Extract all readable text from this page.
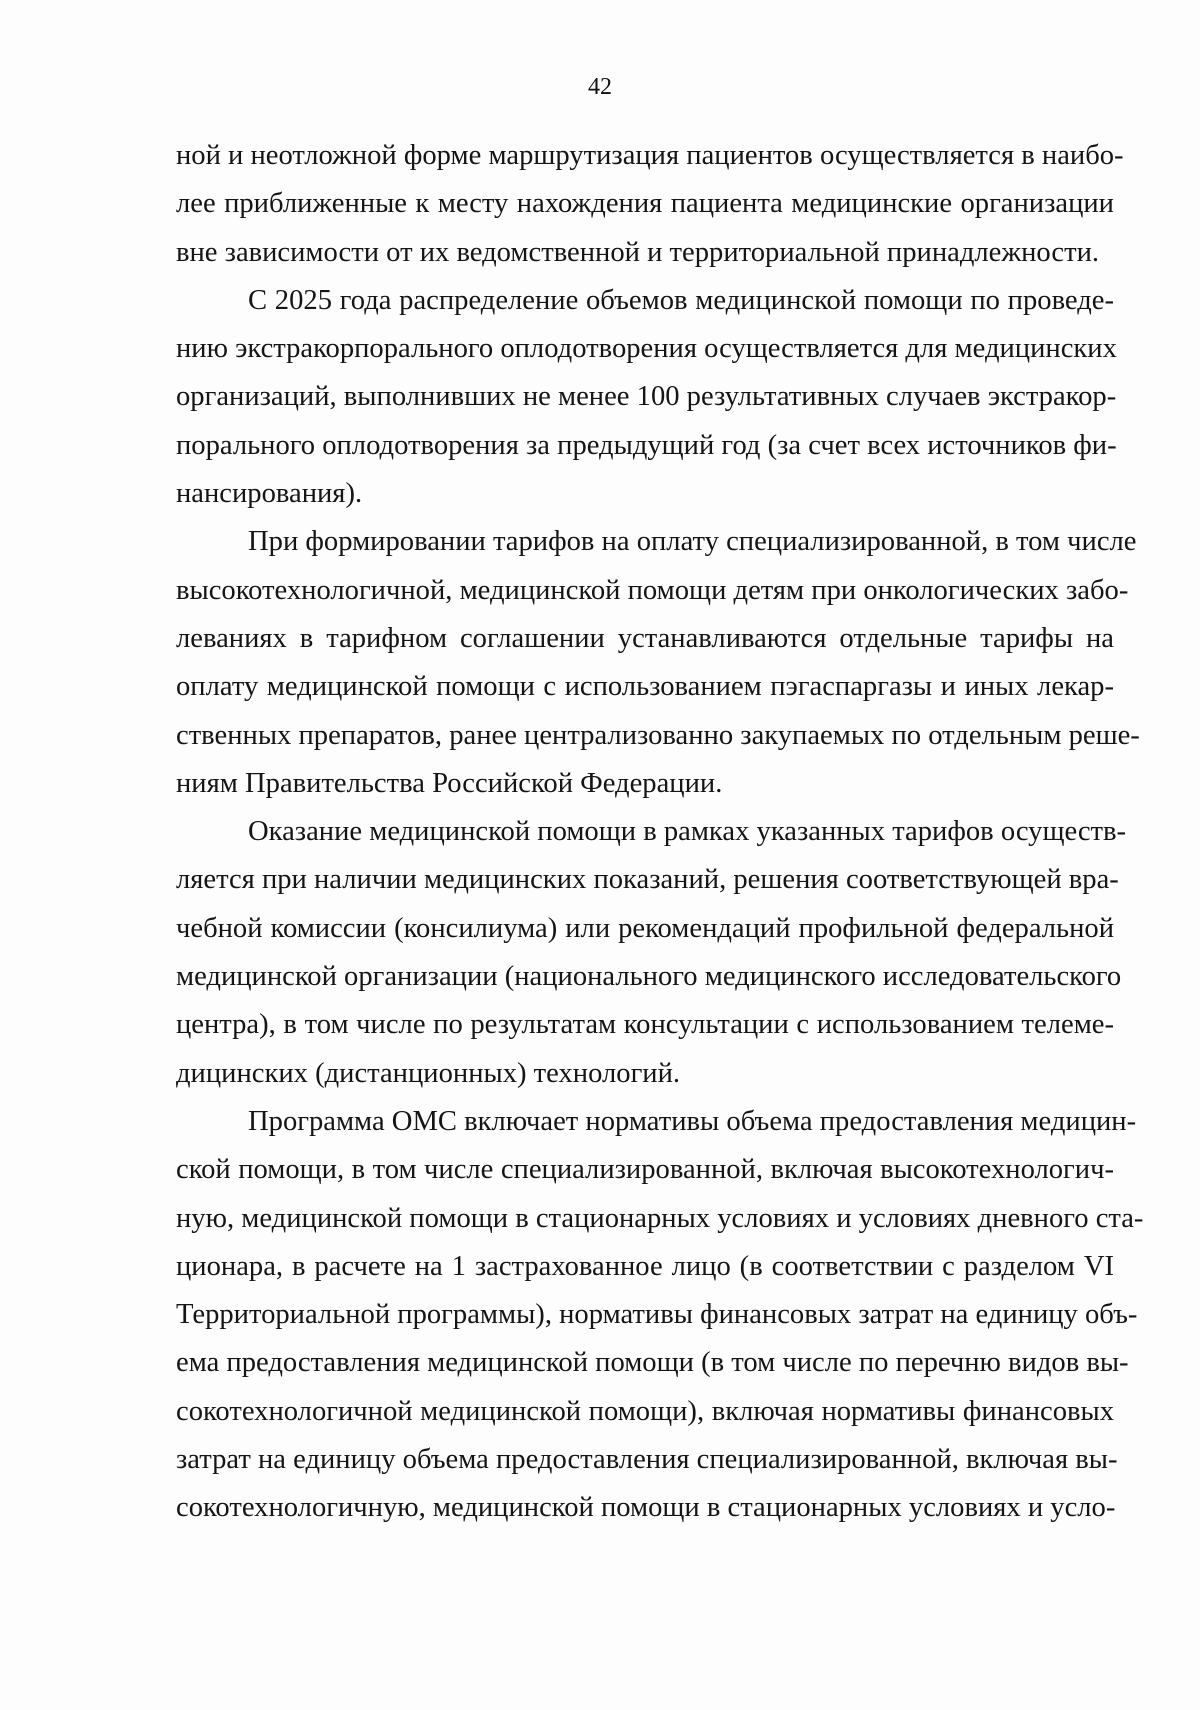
42
ной и неотложной форме маршрутизация пациентов осуществляется в наибо-
лее приближенные к месту нахождения пациента медицинские организации
вне зависимости от их ведомственной и территориальной принадлежности.
С 2025 года распределение объемов медицинской помощи по проведе-
нию экстракорпорального оплодотворения осуществляется для медицинских
организаций, выполнивших не менее 100 результативных случаев экстракор-
порального оплодотворения за предыдущий год (за счет всех источников фи-
нансирования).
При формировании тарифов на оплату специализированной, в том числе
высокотехнологичной, медицинской помощи детям при онкологических забо-
леваниях в тарифном соглашении устанавливаются отдельные тарифы на
оплату медицинской помощи с использованием пэгаспаргазы и иных лекар-
ственных препаратов, ранее централизованно закупаемых по отдельным реше-
ниям Правительства Российской Федерации.
Оказание медицинской помощи в рамках указанных тарифов осуществ-
ляется при наличии медицинских показаний, решения соответствующей вра-
чебной комиссии (консилиума) или рекомендаций профильной федеральной
медицинской организации (национального медицинского исследовательского
центра), в том числе по результатам консультации с использованием телеме-
дицинских (дистанционных) технологий.
Программа ОМС включает нормативы объема предоставления медицин-
ской помощи, в том числе специализированной, включая высокотехнологич-
ную, медицинской помощи в стационарных условиях и условиях дневного ста-
ционара, в расчете на 1 застрахованное лицо (в соответствии с разделом VI
Территориальной программы), нормативы финансовых затрат на единицу объ-
ема предоставления медицинской помощи (в том числе по перечню видов вы-
сокотехнологичной медицинской помощи), включая нормативы финансовых
затрат на единицу объема предоставления специализированной, включая вы-
сокотехнологичную, медицинской помощи в стационарных условиях и усло-
